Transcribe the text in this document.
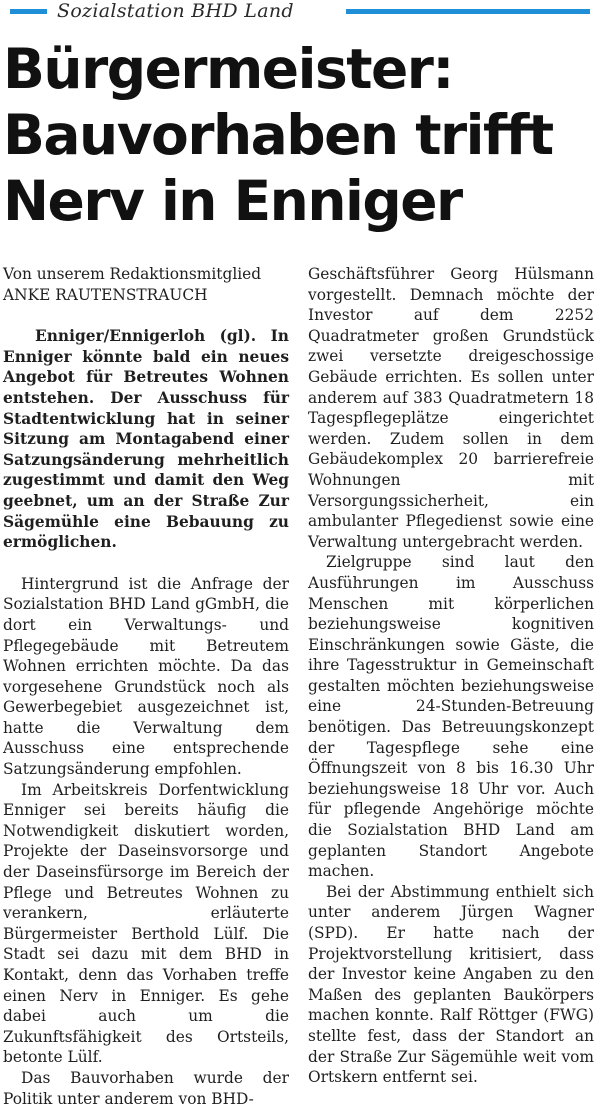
Sozialstation BHD Land
Bürgermeister:
Bauvorhaben trifft
Nerv in Enniger

Von unserem Redaktionsmitglied

ANKE RAUTENSTRAUCH

Enniger/Ennigerloh (gl). In Enniger könnte bald ein neues Angebot für Betreutes Wohnen entstehen. Der Ausschuss für Stadtentwicklung hat in seiner Sitzung am Montagabend einer Satzungsänderung mehrheitlich zugestimmt und damit den Weg geebnet, um an der Straße Zur Sägemühle eine Bebauung zu ermöglichen.

Hintergrund ist die Anfrage der Sozialstation BHD Land gGmbH, die dort ein Verwaltungs- und Pflegegebäude mit Betreutem Wohnen errichten möchte. Da das vorgesehene Grundstück noch als Gewerbegebiet ausgezeichnet ist, hatte die Verwaltung dem Ausschuss eine entsprechende Satzungsänderung empfohlen.

Im Arbeitskreis Dorfentwicklung Enniger sei bereits häufig die Notwendigkeit diskutiert worden, Projekte der Daseinsvorsorge und der Daseinsfürsorge im Bereich der Pflege und Betreutes Wohnen zu verankern, erläuterte Bürgermeister Berthold Lülf. Die Stadt sei dazu mit dem BHD in Kontakt, denn das Vorhaben treffe einen Nerv in Enniger. Es gehe dabei auch um die Zukunftsfähigkeit des Ortsteils, betonte Lülf.

Das Bauvorhaben wurde der Politik unter anderem von BHD-

Geschäftsführer Georg Hülsmann vorgestellt. Demnach möchte der Investor auf dem 2252 Quadratmeter großen Grundstück zwei versetzte dreigeschossige Gebäude errichten. Es sollen unter anderem auf 383 Quadratmetern 18 Tagespflegeplätze eingerichtet werden. Zudem sollen in dem Gebäudekomplex 20 barrierefreie Wohnungen mit Versorgungssicherheit, ein ambulanter Pflegedienst sowie eine Verwaltung untergebracht werden.

Zielgruppe sind laut den Ausführungen im Ausschuss Menschen mit körperlichen beziehungsweise kognitiven Einschränkungen sowie Gäste, die ihre Tagesstruktur in Gemeinschaft gestalten möchten beziehungsweise eine 24-Stunden-Betreuung benötigen. Das Betreuungskonzept der Tagespflege sehe eine Öffnungszeit von 8 bis 16.30 Uhr beziehungsweise 18 Uhr vor. Auch für pflegende Angehörige möchte die Sozialstation BHD Land am geplanten Standort Angebote machen.

Bei der Abstimmung enthielt sich unter anderem Jürgen Wagner (SPD). Er hatte nach der Projektvorstellung kritisiert, dass der Investor keine Angaben zu den Maßen des geplanten Baukörpers machen konnte. Ralf Röttger (FWG) stellte fest, dass der Standort an der Straße Zur Sägemühle weit vom Ortskern entfernt sei.
